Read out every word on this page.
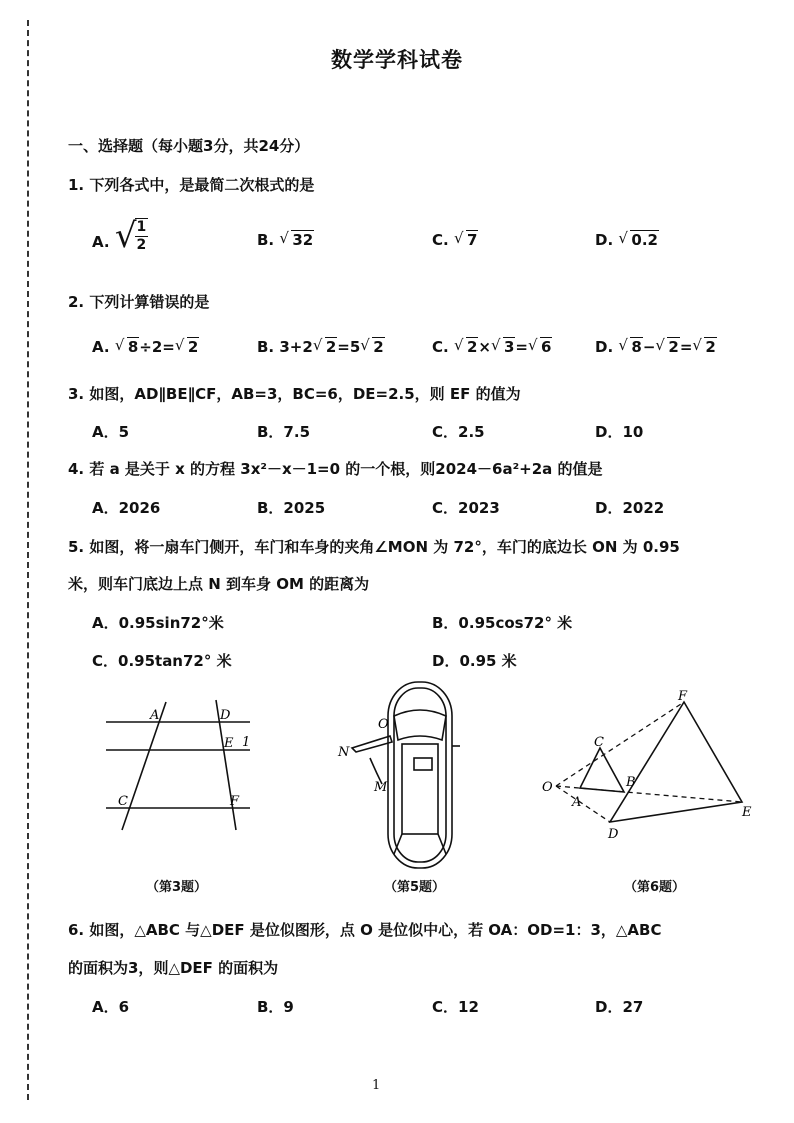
数学学科试卷
一、选择题（每小题3分，共24分）
1. 下列各式中，是最简二次根式的是
A. √
$\frac{1}{2}$	B. √ 32	C. √ 7	D. √ 0.2
2. 下列计算错误的是
A. √ 8÷2= √ 2	B. 3+2 √ 2=5 √ 2	C. √ 2× √ 3= √ 6	D. √ 8− √ 2= √ 2
3. 如图，AD∥BE∥CF，AB=3，BC=6，DE=2.5，则 EF 的值为
A．5	B．7.5	C．2.5	D．10
4. 若 a 是关于 x 的方程 3x²－x－1=0 的一个根，则2024－6a²+2a 的值是
A．2026	B．2025	C．2023	D．2022
5. 如图，将一扇车门侧开，车门和车身的夹角∠MON 为 72°，车门的底边长 ON 为 0.95
米，则车门底边上点 N 到车身 OM 的距离为
A．0.95sin72°米	B．0.95cos72° 米
C．0.95tan72° 米	D．0.95 米
A	D
E 1
C	F
（第3题）
O
N
M
（第5题）
F
C
O	B
A
E
D
（第6题）
6. 如图，△ABC 与△DEF 是位似图形，点 O 是位似中心，若 OA：OD=1：3，△ABC
的面积为3，则△DEF 的面积为
A．6	B．9	C．12	D．27
1
